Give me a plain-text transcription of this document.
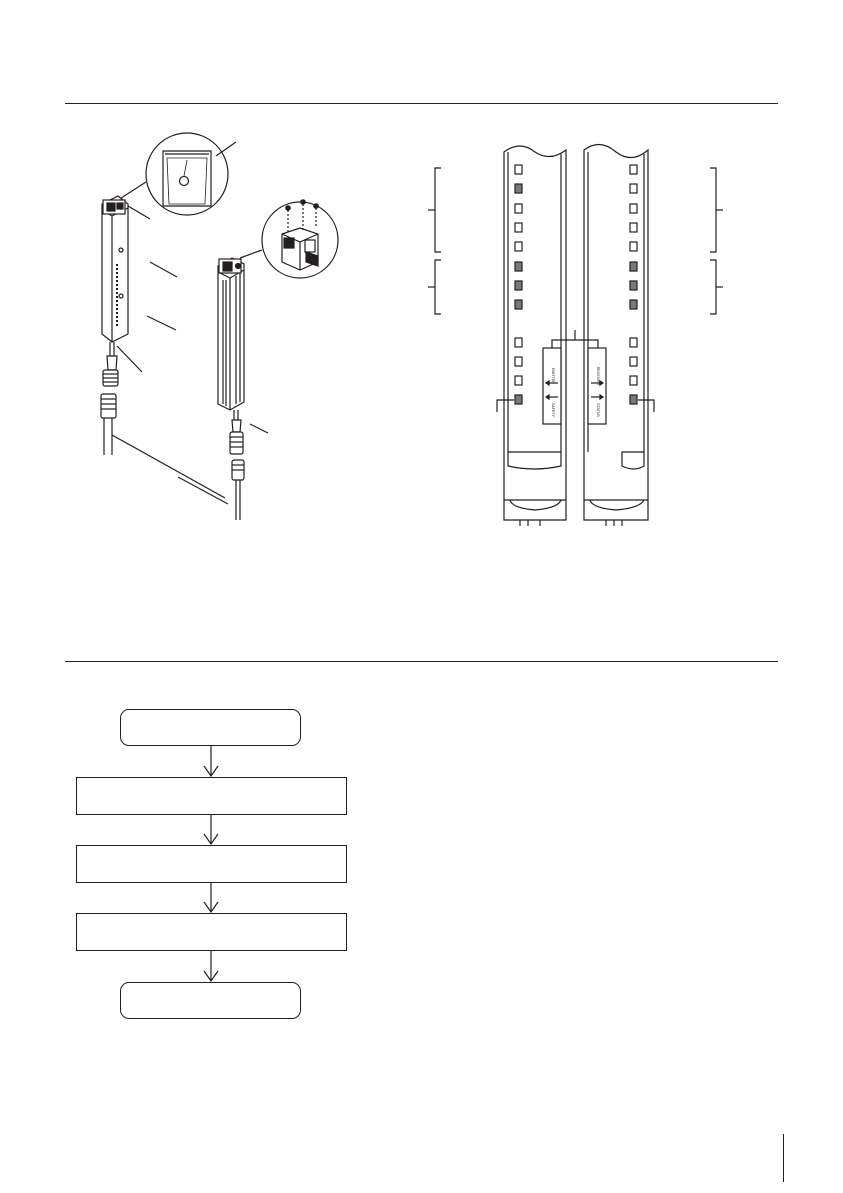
EMITTER
SAFETY
RECEIVER
STATUS
